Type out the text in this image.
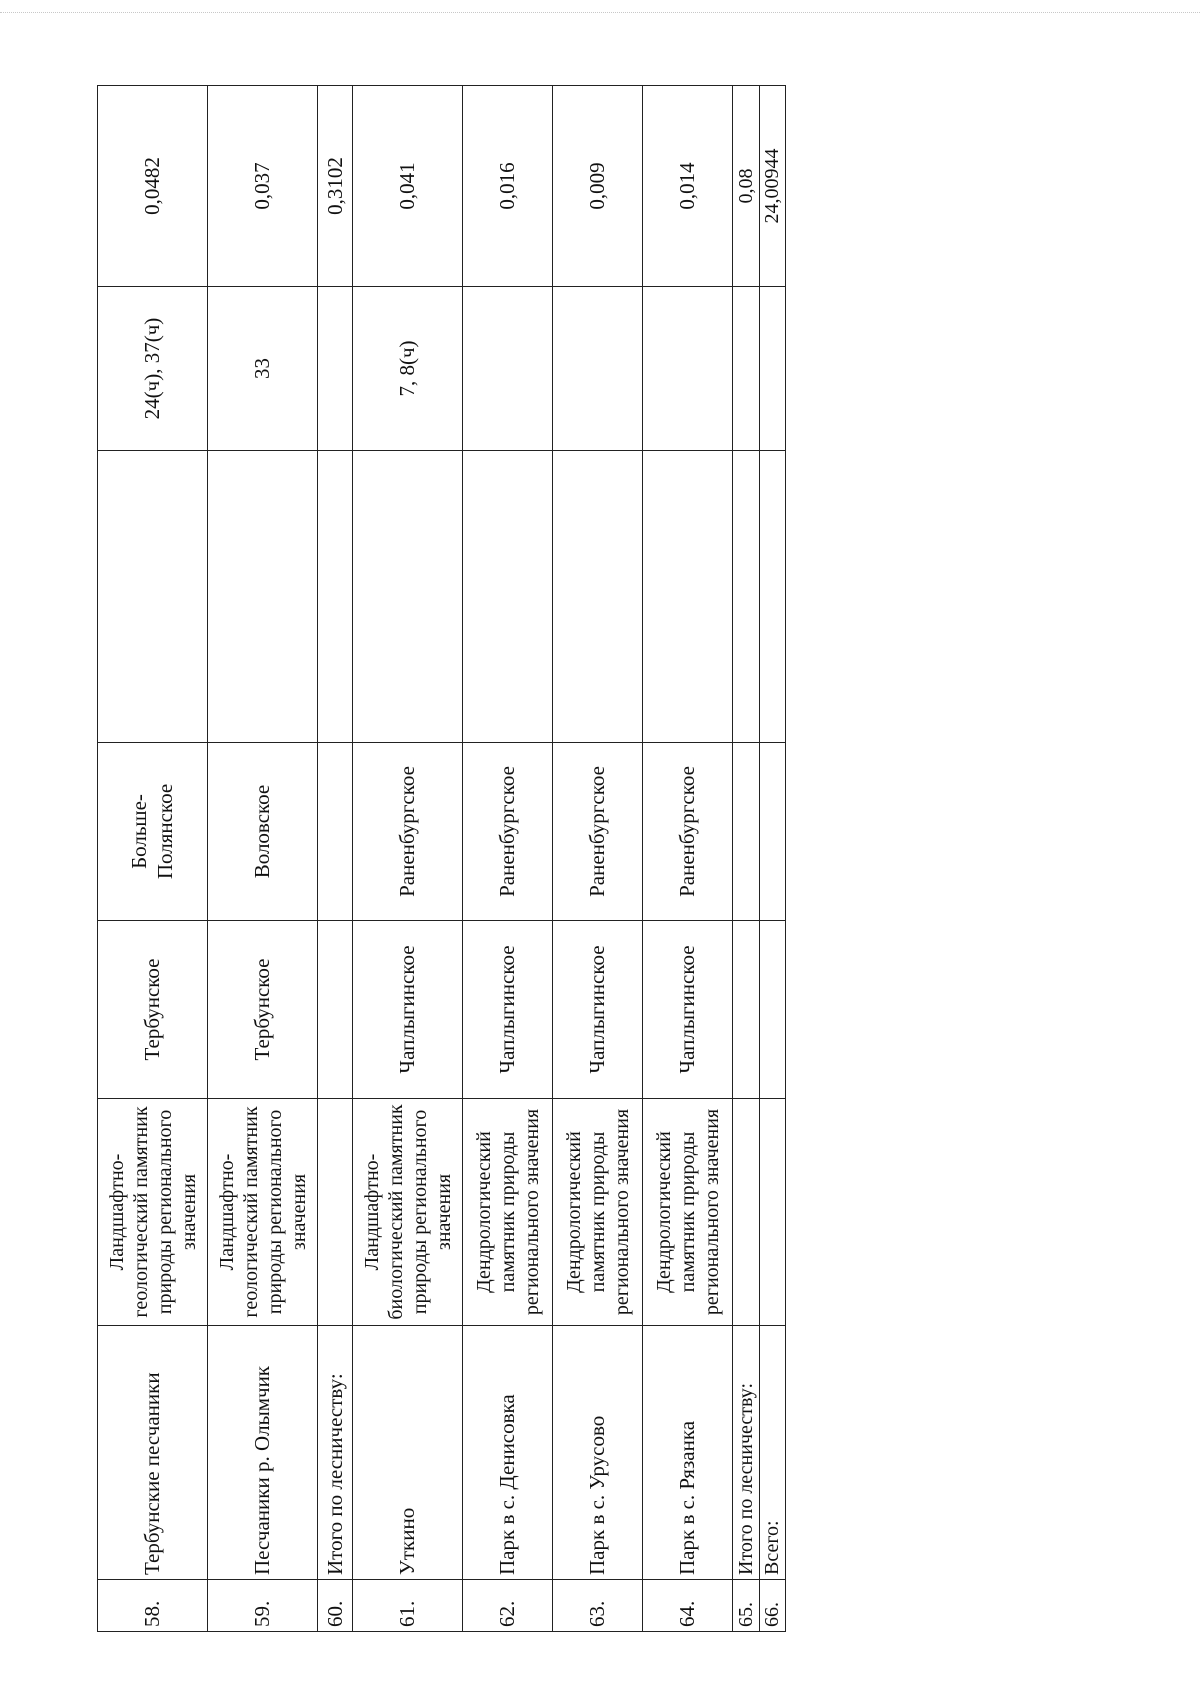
58.	Тербунские песчаники	Ландшафтно-геологический памятник природы регионального значения	Тербунское	Больше-Полянское		24(ч), 37(ч)	0,0482
59.	Песчаники р. Олымчик	Ландшафтно-геологический памятник природы регионального значения	Тербунское	Воловское		33	0,037
60.	Итого по лесничеству:						0,3102
61.	Уткино	Ландшафтно-биологический памятник природы регионального значения	Чаплыгинское	Раненбургское		7, 8(ч)	0,041
62.	Парк в с. Денисовка	Дендрологический памятник природы регионального значения	Чаплыгинское	Раненбургское			0,016
63.	Парк в с. Урусово	Дендрологический памятник природы регионального значения	Чаплыгинское	Раненбургское			0,009
64.	Парк в с. Рязанка	Дендрологический памятник природы регионального значения	Чаплыгинское	Раненбургское			0,014
65.	Итого по лесничеству:						0,08
66.	Всего:						24,00944
